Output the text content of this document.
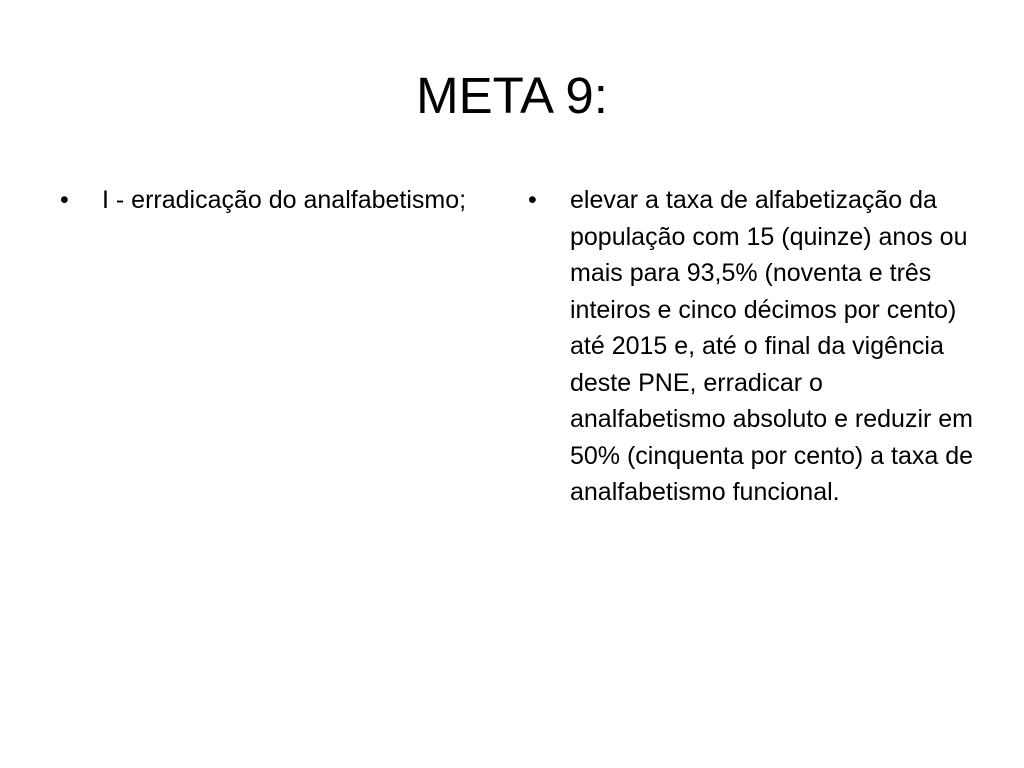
META 9:
•	I - erradicação do analfabetismo;	•	elevar a taxa de alfabetização da população com 15 (quinze) anos ou mais para 93,5% (noventa e três inteiros e cinco décimos por cento) até 2015 e, até o final da vigência deste PNE, erradicar o analfabetismo absoluto e reduzir em 50% (cinquenta por cento) a taxa de analfabetismo funcional.
